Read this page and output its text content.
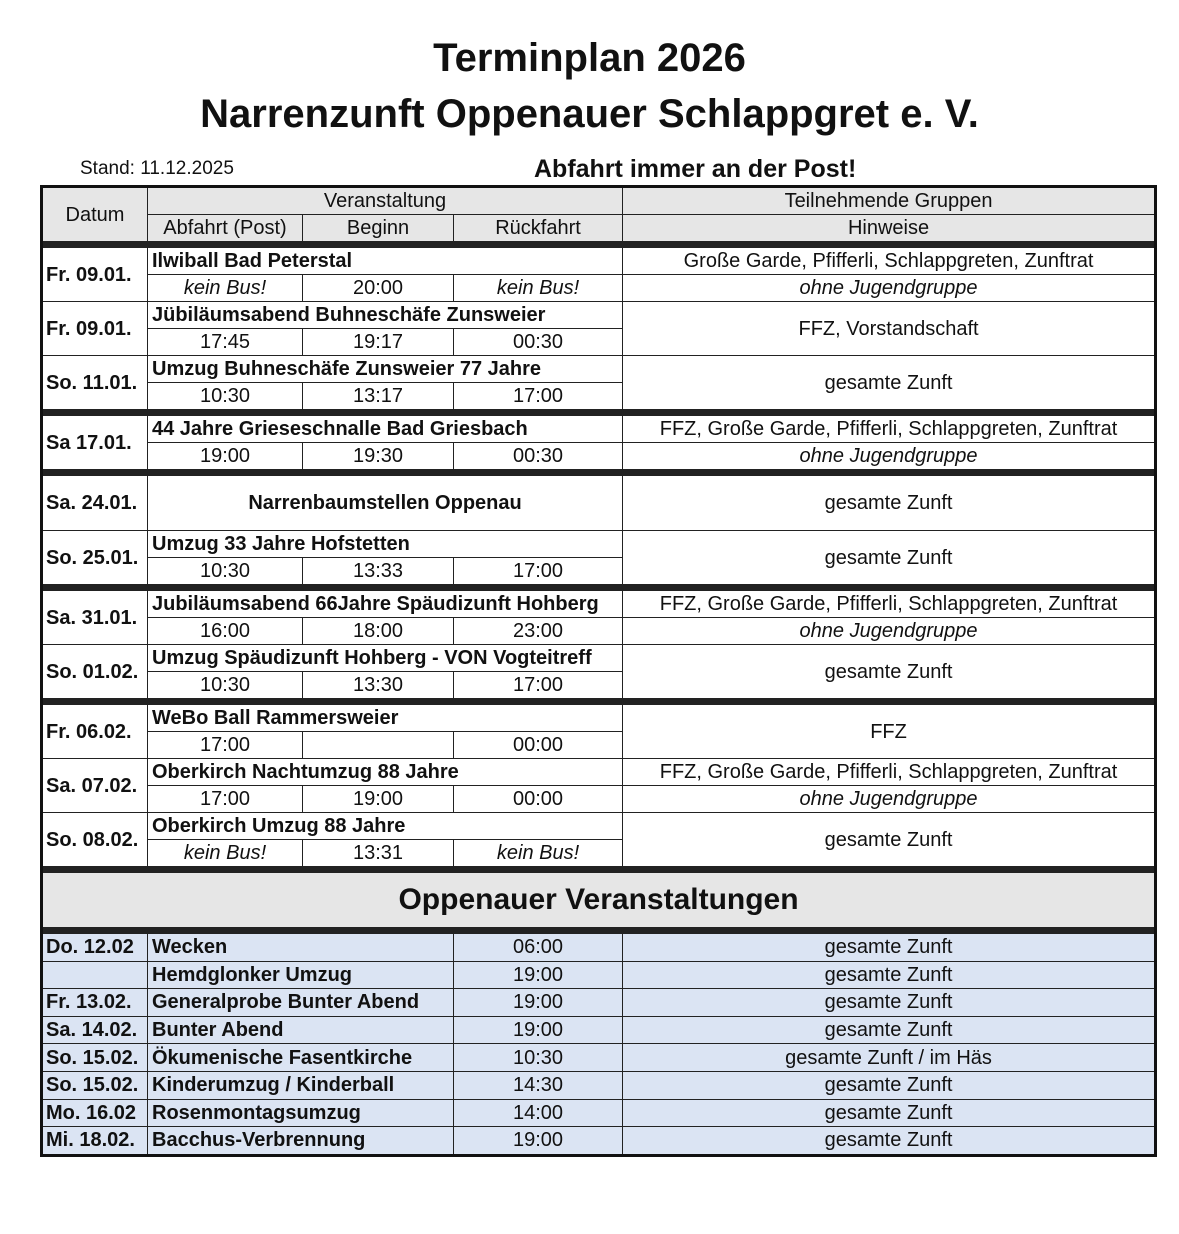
Terminplan 2026
Narrenzunft Oppenauer Schlappgret e. V.
Stand: 11.12.2025	Abfahrt immer an der Post!
Datum	Veranstaltung			Teilnehmende Gruppen
	Abfahrt (Post)	Beginn	Rückfahrt	Hinweise

Fr. 09.01.	Ilwiball Bad Peterstal			Große Garde, Pfifferli, Schlappgreten, Zunftrat
	kein Bus!	20:00	kein Bus!	ohne Jugendgruppe
Fr. 09.01.	Jübiläumsabend Buhneschäfe Zunsweier			FFZ, Vorstandschaft
	17:45	19:17	00:30	
So. 11.01.	Umzug Buhneschäfe Zunsweier 77 Jahre			gesamte Zunft
	10:30	13:17	17:00	

Sa 17.01.	44 Jahre Grieseschnalle Bad Griesbach			FFZ, Große Garde, Pfifferli, Schlappgreten, Zunftrat
	19:00	19:30	00:30	ohne Jugendgruppe

Sa. 24.01.	Narrenbaumstellen Oppenau			gesamte Zunft
So. 25.01.	Umzug 33 Jahre Hofstetten			gesamte Zunft
	10:30	13:33	17:00	

Sa. 31.01.	Jubiläumsabend 66Jahre Späudizunft Hohberg			FFZ, Große Garde, Pfifferli, Schlappgreten, Zunftrat
	16:00	18:00	23:00	ohne Jugendgruppe
So. 01.02.	Umzug Späudizunft Hohberg - VON Vogteitreff			gesamte Zunft
	10:30	13:30	17:00	

Fr. 06.02.	WeBo Ball Rammersweier			FFZ
	17:00		00:00	
Sa. 07.02.	Oberkirch Nachtumzug 88 Jahre			FFZ, Große Garde, Pfifferli, Schlappgreten, Zunftrat
	17:00	19:00	00:00	ohne Jugendgruppe
So. 08.02.	Oberkirch Umzug 88 Jahre			gesamte Zunft
	kein Bus!	13:31	kein Bus!	

Oppenauer Veranstaltungen				

Do. 12.02	Wecken		06:00	gesamte Zunft
	Hemdglonker Umzug		19:00	gesamte Zunft
Fr. 13.02.	Generalprobe Bunter Abend		19:00	gesamte Zunft
Sa. 14.02.	Bunter Abend		19:00	gesamte Zunft
So. 15.02.	Ökumenische Fasentkirche		10:30	gesamte Zunft / im Häs
So. 15.02.	Kinderumzug / Kinderball		14:30	gesamte Zunft
Mo. 16.02	Rosenmontagsumzug		14:00	gesamte Zunft
Mi. 18.02.	Bacchus-Verbrennung		19:00	gesamte Zunft
